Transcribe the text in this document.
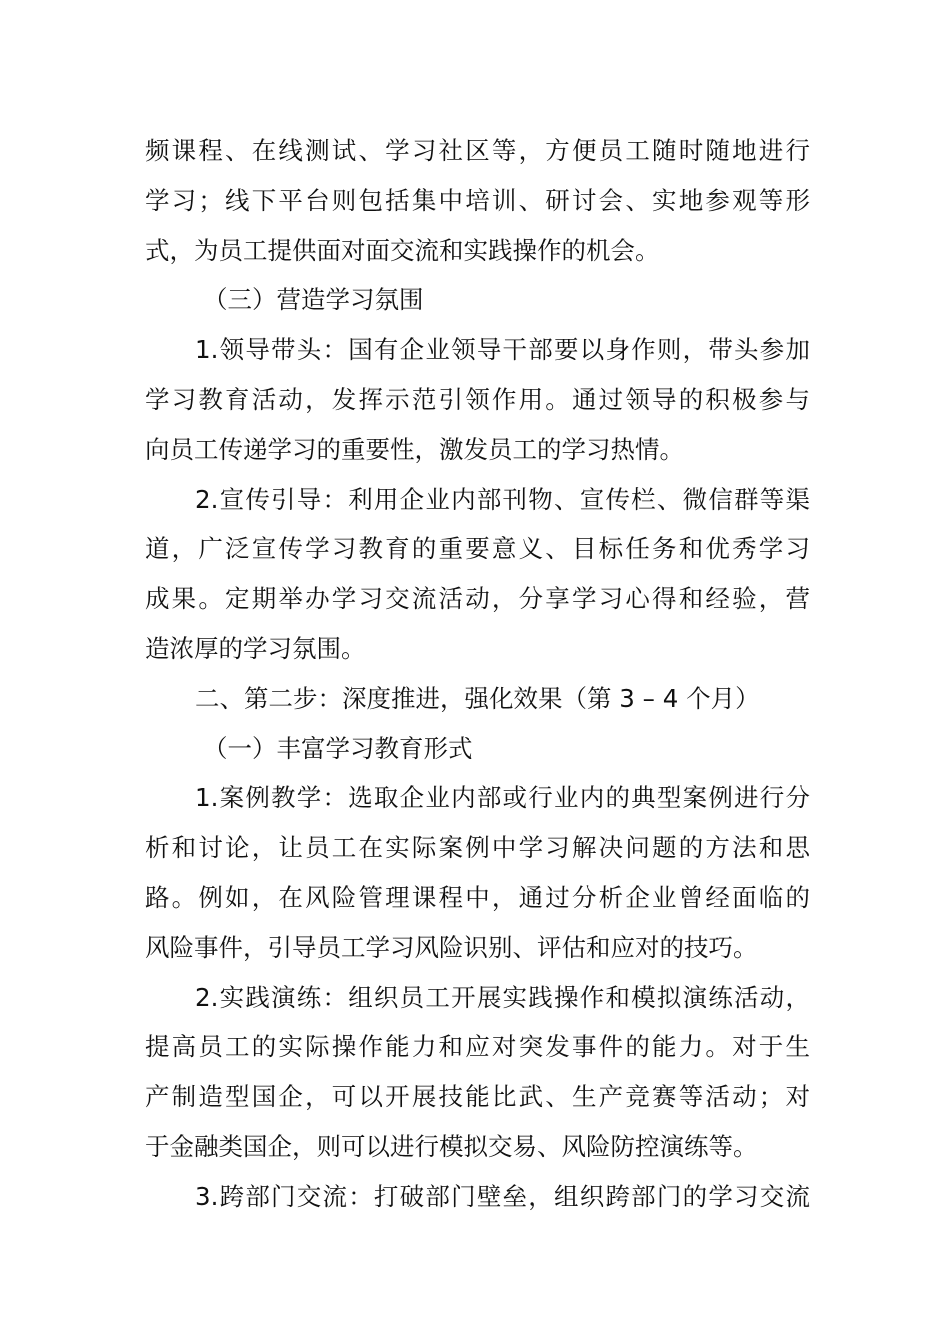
频课程、在线测试、学习社区等，方便员工随时随地进行
学习；线下平台则包括集中培训、研讨会、实地参观等形
式，为员工提供面对面交流和实践操作的机会。
（三）营造学习氛围
1.领导带头：国有企业领导干部要以身作则，带头参加
学习教育活动，发挥示范引领作用。通过领导的积极参与
向员工传递学习的重要性，激发员工的学习热情。
2.宣传引导：利用企业内部刊物、宣传栏、微信群等渠
道，广泛宣传学习教育的重要意义、目标任务和优秀学习
成果。定期举办学习交流活动，分享学习心得和经验，营
造浓厚的学习氛围。
二、第二步：深度推进，强化效果（第 3 – 4 个月）
（一）丰富学习教育形式
1.案例教学：选取企业内部或行业内的典型案例进行分
析和讨论，让员工在实际案例中学习解决问题的方法和思
路。例如，在风险管理课程中，通过分析企业曾经面临的
风险事件，引导员工学习风险识别、评估和应对的技巧。
2.实践演练：组织员工开展实践操作和模拟演练活动，
提高员工的实际操作能力和应对突发事件的能力。对于生
产制造型国企，可以开展技能比武、生产竞赛等活动；对
于金融类国企，则可以进行模拟交易、风险防控演练等。
3.跨部门交流：打破部门壁垒，组织跨部门的学习交流
